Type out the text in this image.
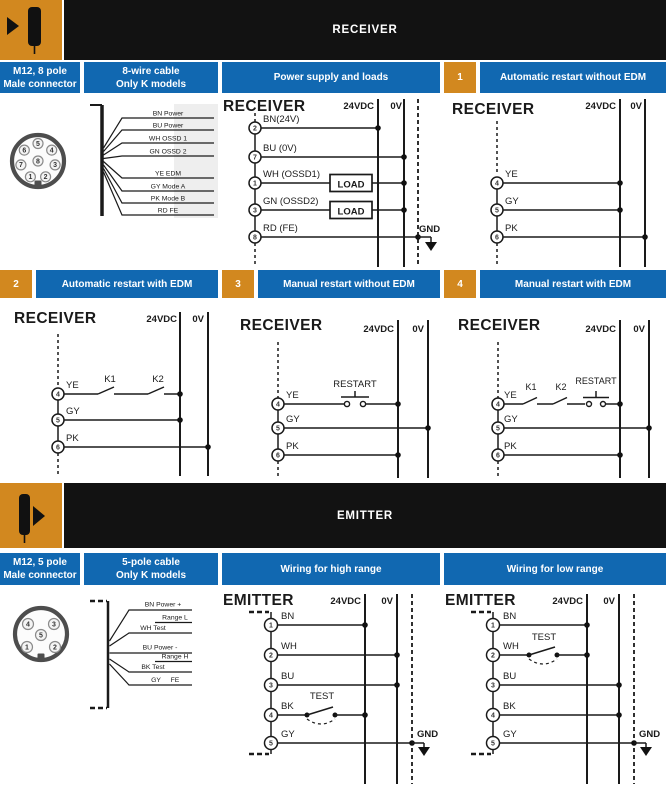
RECEIVER
M12, 8 pole
Male connector
8-wire cable
Only K models
Power supply and loads	1	Automatic restart without EDM
5
4
3
2
1
7
6
8
BN Power
BU Power
WH OSSD 1
GN OSSD 2
YE EDM
GY Mode A
PK Mode B
RD FE
RECEIVER	24VDC 0V
BN(24V)
2
BU (0V)
7
WH (OSSD1)
LOAD
1
GN (OSSD2)
LOAD
3
RD (FE)	GND
8
RECEIVER	24VDC 0V
YE
4
GY
5
PK
6
2	Automatic restart with EDM	3	Manual restart without EDM	4	Manual restart with EDM
RECEIVER	24VDC 0V
YE
K1	K2
4
GY
5
PK
6
RECEIVER	24VDC 0V
YE
RESTART
4
GY
5
PK
6
RECEIVER	24VDC 0V
YE
K1 K2
RESTART
4
GY
5
PK
6
EMITTER
M12, 5 pole
Male connector
5-pole cable
Only K models
Wiring for high range	Wiring for low range
4	3
2
1
5
BN Power +
Range L
WH Test
BU Power -
Range H
BK Test
GY FE
EMITTER	24VDC 0V
BN
1
WH
2
BU
3
BK
TEST
4
GY	GND
5
EMITTER	24VDC 0V
BN
1
WH
TEST
2
BU
3
BK
4
GY	GND
5
